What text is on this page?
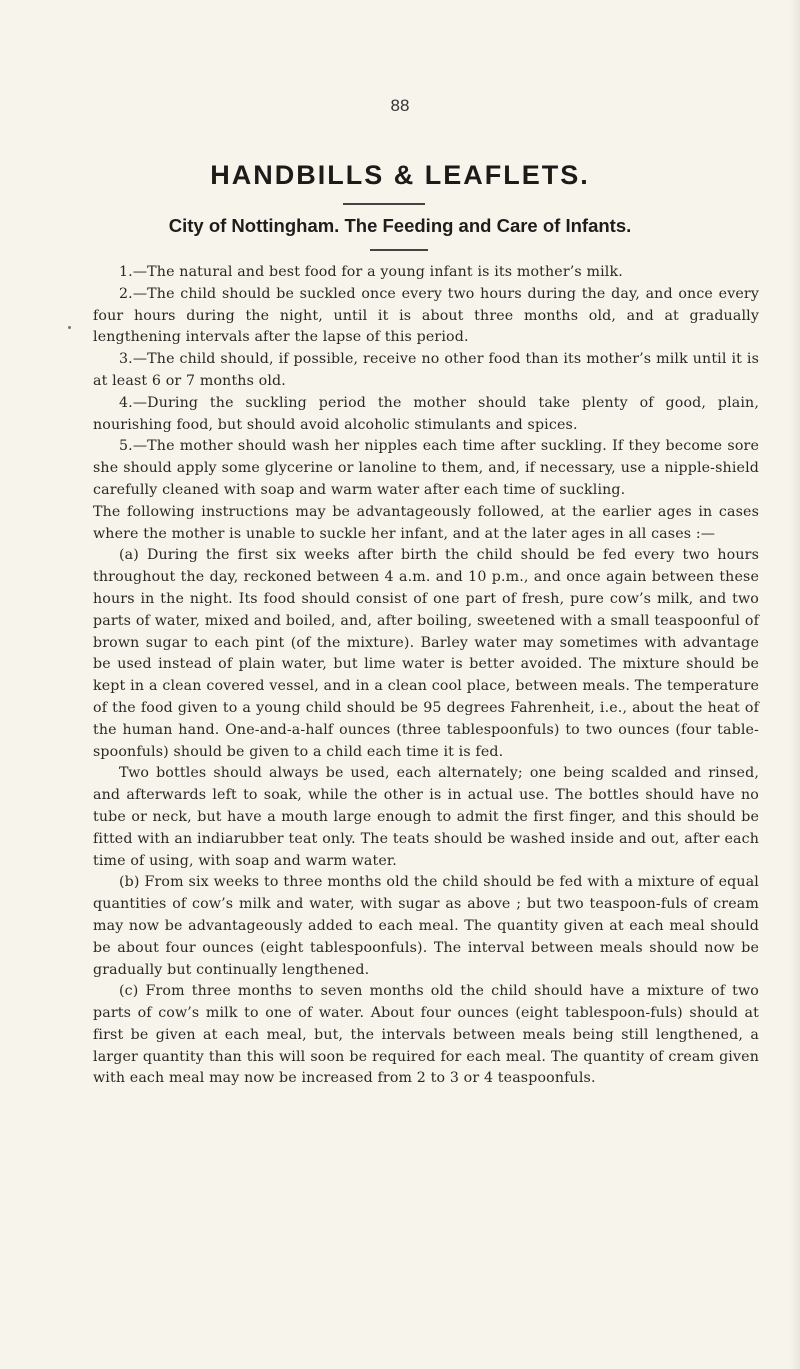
88
HANDBILLS & LEAFLETS.
City of Nottingham. The Feeding and Care of Infants.

1.—The natural and best food for a young infant is its mother’s milk.

2.—The child should be suckled once every two hours during the day, and once every four hours during the night, until it is about three months old, and at gradually lengthening intervals after the lapse of this period.

3.—The child should, if possible, receive no other food than its mother’s milk until it is at least 6 or 7 months old.

4.—During the suckling period the mother should take plenty of good, plain, nourishing food, but should avoid alcoholic stimulants and spices.

5.—The mother should wash her nipples each time after suckling. If they become sore she should apply some glycerine or lanoline to them, and, if necessary, use a nipple-shield carefully cleaned with soap and warm water after each time of suckling.

The following instructions may be advantageously followed, at the earlier ages in cases where the mother is unable to suckle her infant, and at the later ages in all cases :—

(a) During the first six weeks after birth the child should be fed every two hours throughout the day, reckoned between 4 a.m. and 10 p.m., and once again between these hours in the night. Its food should consist of one part of fresh, pure cow’s milk, and two parts of water, mixed and boiled, and, after boiling, sweetened with a small teaspoonful of brown sugar to each pint (of the mixture). Barley water may sometimes with advantage be used instead of plain water, but lime water is better avoided. The mixture should be kept in a clean covered vessel, and in a clean cool place, between meals. The temperature of the food given to a young child should be 95 degrees Fahrenheit, i.e., about the heat of the human hand. One-and-a-half ounces (three tablespoonfuls) to two ounces (four table-spoonfuls) should be given to a child each time it is fed.

Two bottles should always be used, each alternately; one being scalded and rinsed, and afterwards left to soak, while the other is in actual use. The bottles should have no tube or neck, but have a mouth large enough to admit the first finger, and this should be fitted with an indiarubber teat only. The teats should be washed inside and out, after each time of using, with soap and warm water.

(b) From six weeks to three months old the child should be fed with a mixture of equal quantities of cow’s milk and water, with sugar as above ; but two teaspoon-fuls of cream may now be advantageously added to each meal. The quantity given at each meal should be about four ounces (eight tablespoonfuls). The interval between meals should now be gradually but continually lengthened.

(c) From three months to seven months old the child should have a mixture of two parts of cow’s milk to one of water. About four ounces (eight tablespoon-fuls) should at first be given at each meal, but, the intervals between meals being still lengthened, a larger quantity than this will soon be required for each meal. The quantity of cream given with each meal may now be increased from 2 to 3 or 4 teaspoonfuls.
